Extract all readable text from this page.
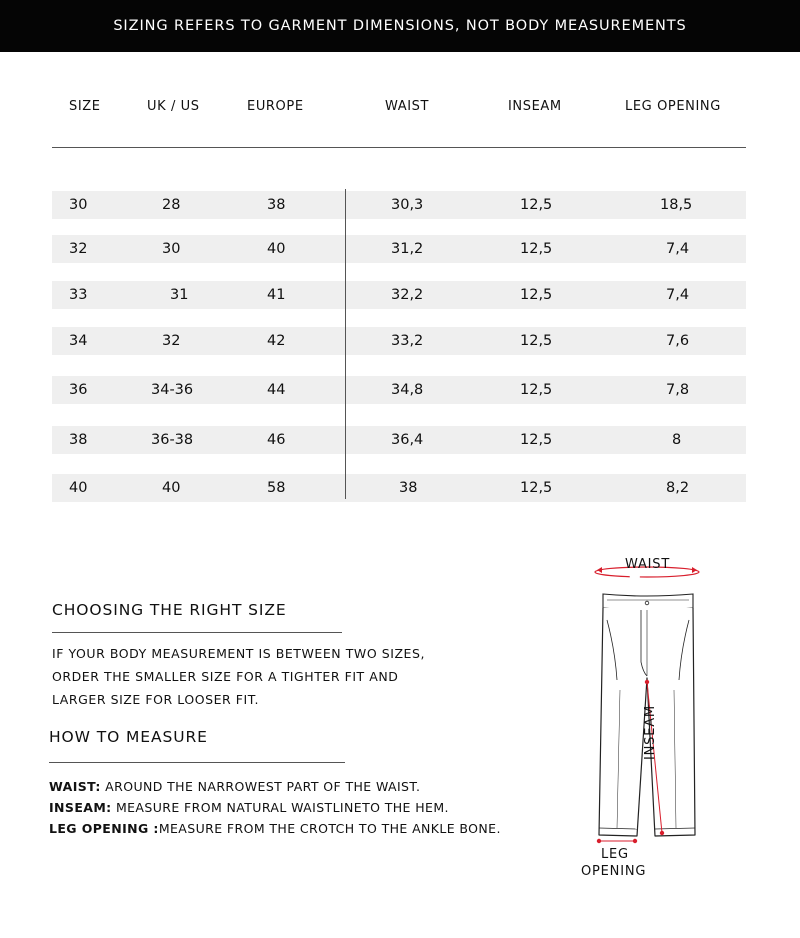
SIZING REFERS TO GARMENT DIMENSIONS, NOT BODY MEASUREMENTS
SIZE	UK / US	EUROPE	WAIST	INSEAM	LEG OPENING
30	28	38	30,3	12,5	18,5
32	30	40	31,2	12,5	7,4
33	31	41	32,2	12,5	7,4
34	32	42	33,2	12,5	7,6
36	34-36	44	34,8	12,5	7,8
38	36-38	46	36,4	12,5	8
40	40	58	38	12,5	8,2
CHOOSING THE RIGHT SIZE
IF YOUR BODY MEASUREMENT IS BETWEEN TWO SIZES,
ORDER THE SMALLER SIZE FOR A TIGHTER FIT AND
LARGER SIZE FOR LOOSER FIT.
HOW TO MEASURE
WAIST: AROUND THE NARROWEST PART OF THE WAIST.
INSEAM: MEASURE FROM NATURAL WAISTLINETO THE HEM.
LEG OPENING :MEASURE FROM THE CROTCH TO THE ANKLE BONE.
WAIST
INSEAM
LEG
OPENING
